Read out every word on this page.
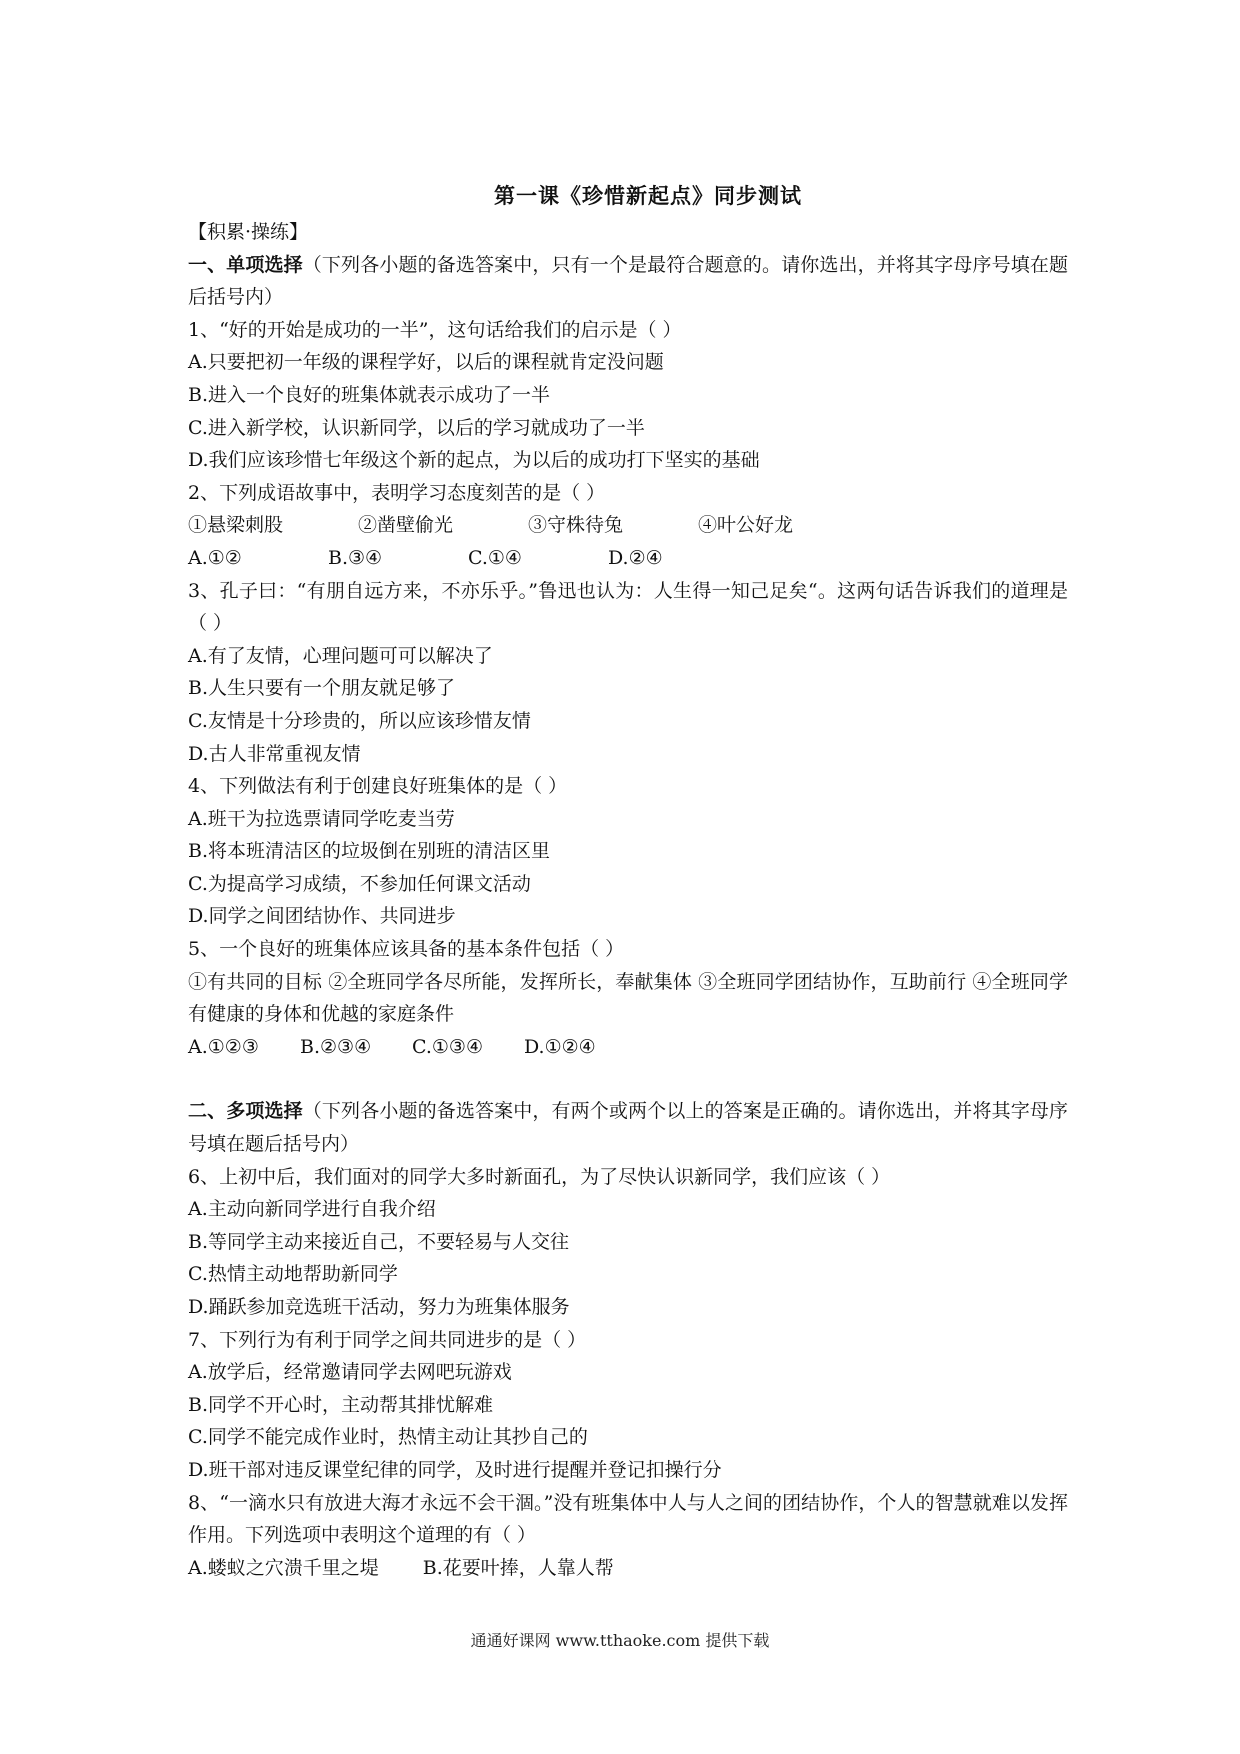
第一课《珍惜新起点》同步测试

【积累·操练】

一、单项选择（下列各小题的备选答案中，只有一个是最符合题意的。请你选出，并将其字母序号填在题后括号内）

1、“好的开始是成功的一半”，这句话给我们的启示是（ ）

A.只要把初一年级的课程学好，以后的课程就肯定没问题

B.进入一个良好的班集体就表示成功了一半

C.进入新学校，认识新同学，以后的学习就成功了一半

D.我们应该珍惜七年级这个新的起点，为以后的成功打下坚实的基础

2、下列成语故事中，表明学习态度刻苦的是（ ）

①悬梁刺股	②凿壁偷光	③守株待兔	④叶公好龙

A.①②	B.③④	C.①④	D.②④

3、孔子曰：“有朋自远方来，不亦乐乎。”鲁迅也认为：人生得一知己足矣“。这两句话告诉我们的道理是（ ）

A.有了友情，心理问题可可以解决了

B.人生只要有一个朋友就足够了

C.友情是十分珍贵的，所以应该珍惜友情

D.古人非常重视友情

4、下列做法有利于创建良好班集体的是（ ）

A.班干为拉选票请同学吃麦当劳

B.将本班清洁区的垃圾倒在别班的清洁区里

C.为提高学习成绩，不参加任何课文活动

D.同学之间团结协作、共同进步

5、一个良好的班集体应该具备的基本条件包括（ ）

①有共同的目标 ②全班同学各尽所能，发挥所长，奉献集体 ③全班同学团结协作，互助前行 ④全班同学有健康的身体和优越的家庭条件

A.①②③	B.②③④	C.①③④	D.①②④

二、多项选择（下列各小题的备选答案中，有两个或两个以上的答案是正确的。请你选出，并将其字母序号填在题后括号内）

6、上初中后，我们面对的同学大多时新面孔，为了尽快认识新同学，我们应该（ ）

A.主动向新同学进行自我介绍

B.等同学主动来接近自己，不要轻易与人交往

C.热情主动地帮助新同学

D.踊跃参加竞选班干活动，努力为班集体服务

7、下列行为有利于同学之间共同进步的是（ ）

A.放学后，经常邀请同学去网吧玩游戏

B.同学不开心时，主动帮其排忧解难

C.同学不能完成作业时，热情主动让其抄自己的

D.班干部对违反课堂纪律的同学，及时进行提醒并登记扣操行分

8、“一滴水只有放进大海才永远不会干涸。”没有班集体中人与人之间的团结协作，个人的智慧就难以发挥作用。下列选项中表明这个道理的有（ ）

A.蝼蚁之穴溃千里之堤 B.花要叶捧，人靠人帮

通通好课网 www.tthaoke.com 提供下载
